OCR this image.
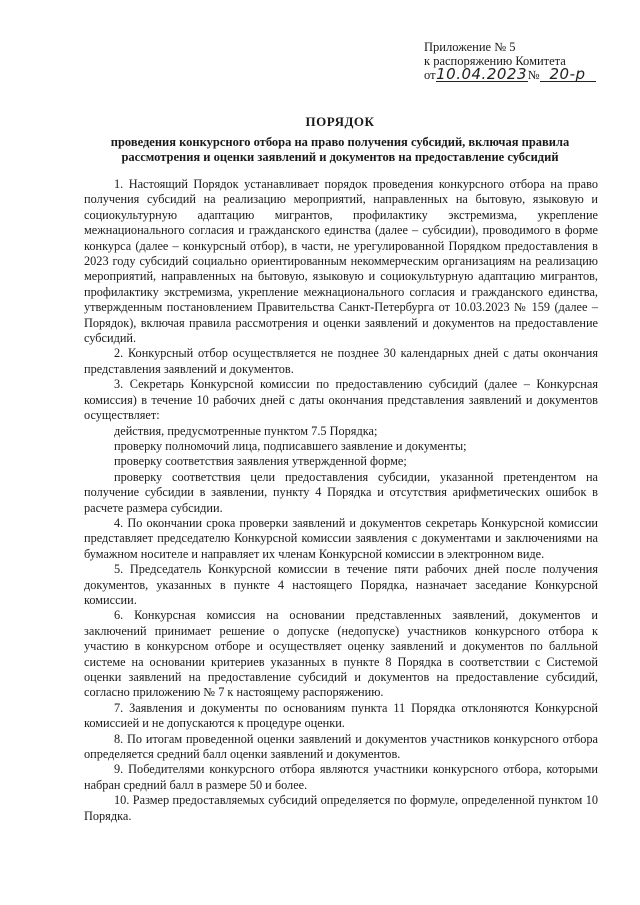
Приложение № 5
к распоряжению Комитета
от10.04.2023№ 20-р
ПОРЯДОК
проведения конкурсного отбора на право получения субсидий, включая правила рассмотрения и оценки заявлений и документов на предоставление субсидий

1. Настоящий Порядок устанавливает порядок проведения конкурсного отбора на право получения субсидий на реализацию мероприятий, направленных на бытовую, языковую и социокультурную адаптацию мигрантов, профилактику экстремизма, укрепление межнационального согласия и гражданского единства (далее – субсидии), проводимого в форме конкурса (далее – конкурсный отбор), в части, не урегулированной Порядком предоставления в 2023 году субсидий социально ориентированным некоммерческим организациям на реализацию мероприятий, направленных на бытовую, языковую и социокультурную адаптацию мигрантов, профилактику экстремизма, укрепление межнационального согласия и гражданского единства, утвержденным постановлением Правительства Санкт-Петербурга от 10.03.2023 № 159 (далее – Порядок), включая правила рассмотрения и оценки заявлений и документов на предоставление субсидий.

2. Конкурсный отбор осуществляется не позднее 30 календарных дней с даты окончания представления заявлений и документов.

3. Секретарь Конкурсной комиссии по предоставлению субсидий (далее – Конкурсная комиссия) в течение 10 рабочих дней с даты окончания представления заявлений и документов осуществляет:

действия, предусмотренные пунктом 7.5 Порядка;

проверку полномочий лица, подписавшего заявление и документы;

проверку соответствия заявления утвержденной форме;

проверку соответствия цели предоставления субсидии, указанной претендентом на получение субсидии в заявлении, пункту 4 Порядка и отсутствия арифметических ошибок в расчете размера субсидии.

4. По окончании срока проверки заявлений и документов секретарь Конкурсной комиссии представляет председателю Конкурсной комиссии заявления с документами и заключениями на бумажном носителе и направляет их членам Конкурсной комиссии в электронном виде.

5. Председатель Конкурсной комиссии в течение пяти рабочих дней после получения документов, указанных в пункте 4 настоящего Порядка, назначает заседание Конкурсной комиссии.

6. Конкурсная комиссия на основании представленных заявлений, документов и заключений принимает решение о допуске (недопуске) участников конкурсного отбора к участию в конкурсном отборе и осуществляет оценку заявлений и документов по балльной системе на основании критериев указанных в пункте 8 Порядка в соответствии с Системой оценки заявлений на предоставление субсидий и документов на предоставление субсидий, согласно приложению № 7 к настоящему распоряжению.

7. Заявления и документы по основаниям пункта 11 Порядка отклоняются Конкурсной комиссией и не допускаются к процедуре оценки.

8. По итогам проведенной оценки заявлений и документов участников конкурсного отбора определяется средний балл оценки заявлений и документов.

9. Победителями конкурсного отбора являются участники конкурсного отбора, которыми набран средний балл в размере 50 и более.

10. Размер предоставляемых субсидий определяется по формуле, определенной пунктом 10 Порядка.
